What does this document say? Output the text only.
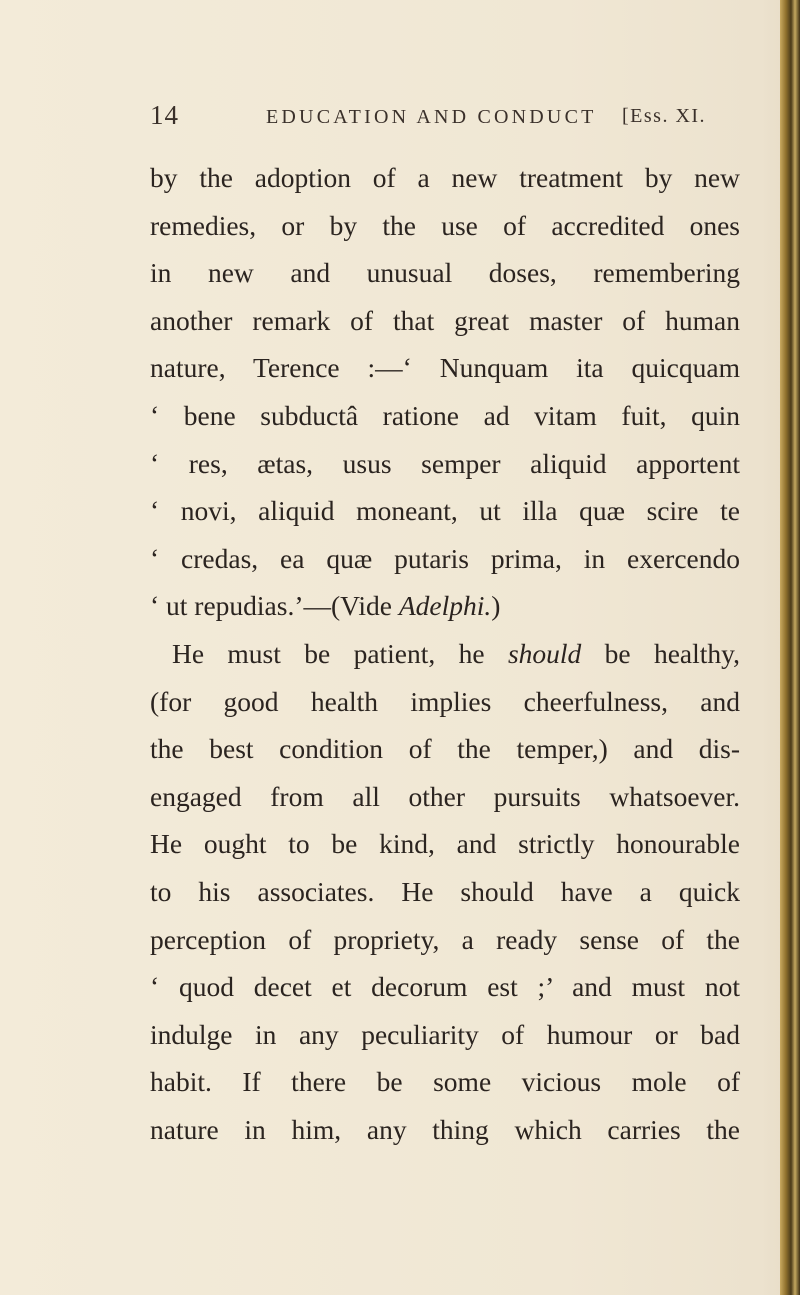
14	EDUCATION AND CONDUCT [Ess. XI.
by the adoption of a new treatment by new
remedies, or by the use of accredited ones
in new and unusual doses, remembering
another remark of that great master of human
nature, Terence :—‘ Nunquam ita quicquam
‘ bene subductâ ratione ad vitam fuit, quin
‘ res, ætas, usus semper aliquid apportent
‘ novi, aliquid moneant, ut illa quæ scire te
‘ credas, ea quæ putaris prima, in exercendo
‘ ut repudias.’—(Vide Adelphi.)
He must be patient, he should be healthy,
(for good health implies cheerfulness, and
the best condition of the temper,) and dis-
engaged from all other pursuits whatsoever.
He ought to be kind, and strictly honourable
to his associates. He should have a quick
perception of propriety, a ready sense of the
‘ quod decet et decorum est ;’ and must not
indulge in any peculiarity of humour or bad
habit. If there be some vicious mole of
nature in him, any thing which carries the
